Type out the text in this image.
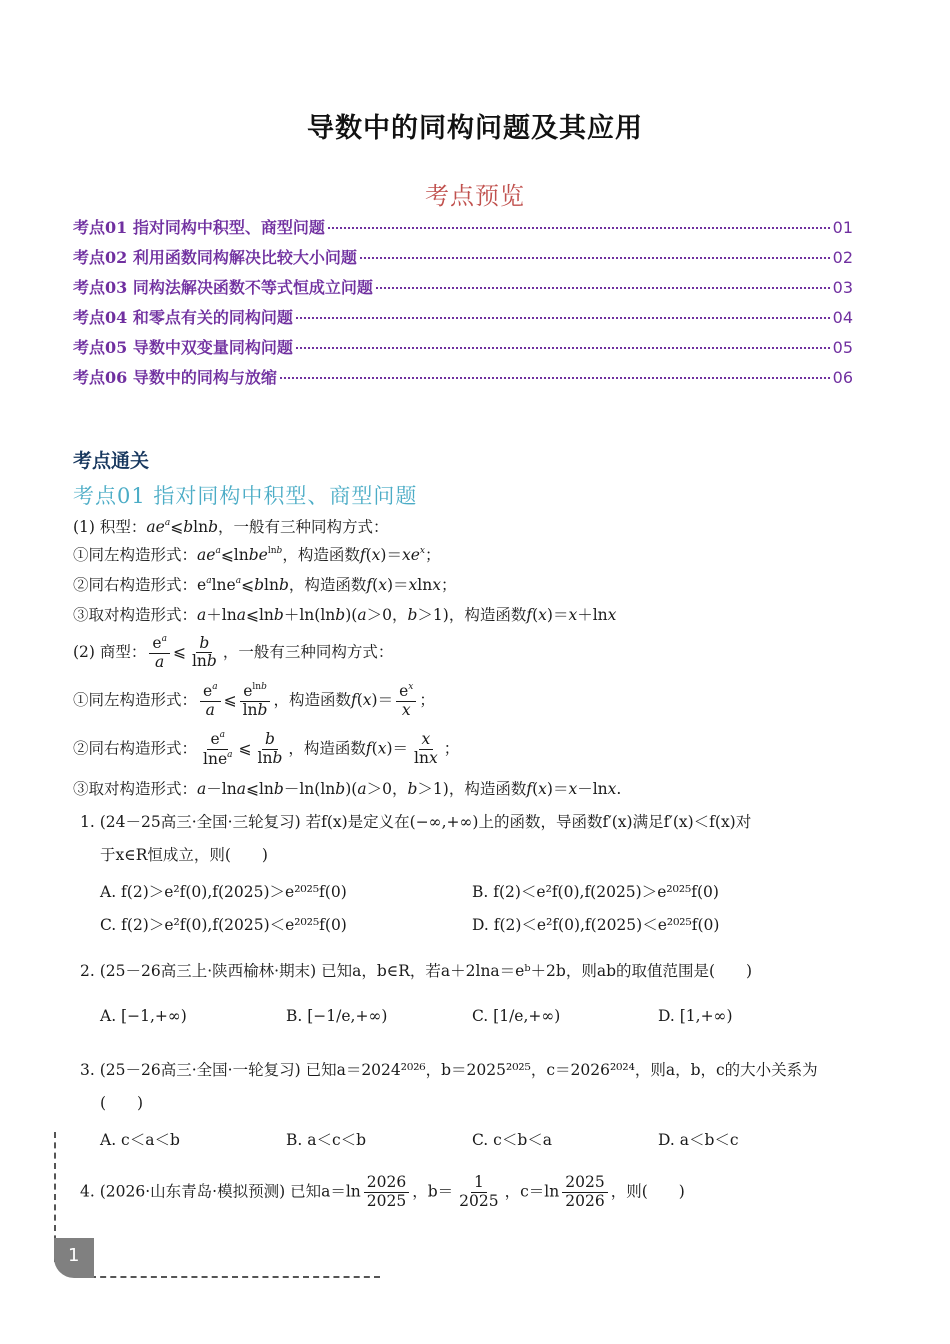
导数中的同构问题及其应用
考点预览
考点01 指对同构中积型、商型问题	01
考点02 利用函数同构解决比较大小问题	02
考点03 同构法解决函数不等式恒成立问题	03
考点04 和零点有关的同构问题	04
考点05 导数中双变量同构问题	05
考点06 导数中的同构与放缩	06
考点通关
考点01 指对同构中积型、商型问题
(1) 积型：$ae^a⩽blnb$，一般有三种同构方式：
①同左构造形式：$ae^a⩽lnbe^{lnb}$，构造函数$f(x)=xe^x$；
②同右构造形式：$e^a\ln e^a⩽blnb$，构造函数f(x)＝xlnx；
③取对构造形式：a＋lna⩽lnb＋ln(lnb)(a＞0，b＞1)，构造函数f(x)＝x＋lnx
(2) 商型： $\frac{e^a}{a}$ ⩽ $\frac{b}{\ln b}$ ，一般有三种同构方式：
①同左构造形式： $\frac{e^a}{a}$ ⩽ $\frac{e^{lnb}}{\ln b}$ ，构造函数$f(x)= \frac{e^x}{x}$ ；
②同右构造形式： $\frac{e^a}{\ln e^a}$ ⩽ $\frac{b}{\ln b}$ ，构造函数$f(x)= \frac{x}{\ln x}$ ；
③取对构造形式：a－lna⩽lnb－ln(lnb)(a＞0，b＞1)，构造函数f(x)＝x－lnx.
1. (24－25高三·全国·三轮复习) 若f(x)是定义在(−∞,+∞)上的函数，导函数f′(x)满足f′(x)＜f(x)对
于x∈R恒成立，则(　　)
A. f(2)＞e²f(0),f(2025)＞e²⁰²⁵f(0)	B. f(2)＜e²f(0),f(2025)＞e²⁰²⁵f(0)
C. f(2)＞e²f(0),f(2025)＜e²⁰²⁵f(0)	D. f(2)＜e²f(0),f(2025)＜e²⁰²⁵f(0)
2. (25－26高三上·陕西榆林·期末) 已知a，b∈R，若a＋2lna＝eᵇ＋2b，则ab的取值范围是(　　)
A. [−1,+∞)	B. [−1/e,+∞)	C. [1/e,+∞)	D. [1,+∞)
3. (25－26高三·全国·一轮复习) 已知a＝2024²⁰²⁶，b＝2025²⁰²⁵，c＝2026²⁰²⁴，则a，b，c的大小关系为
(　　)
A. c＜a＜b	B. a＜c＜b	C. c＜b＜a	D. a＜b＜c
4. (2026·山东青岛·模拟预测) 已知$a=\ln \frac{2026}{2025}$ ，$b= \frac{1}{2025}$ ，$c=\ln \frac{2025}{2026}$ ，则(　　)
1
